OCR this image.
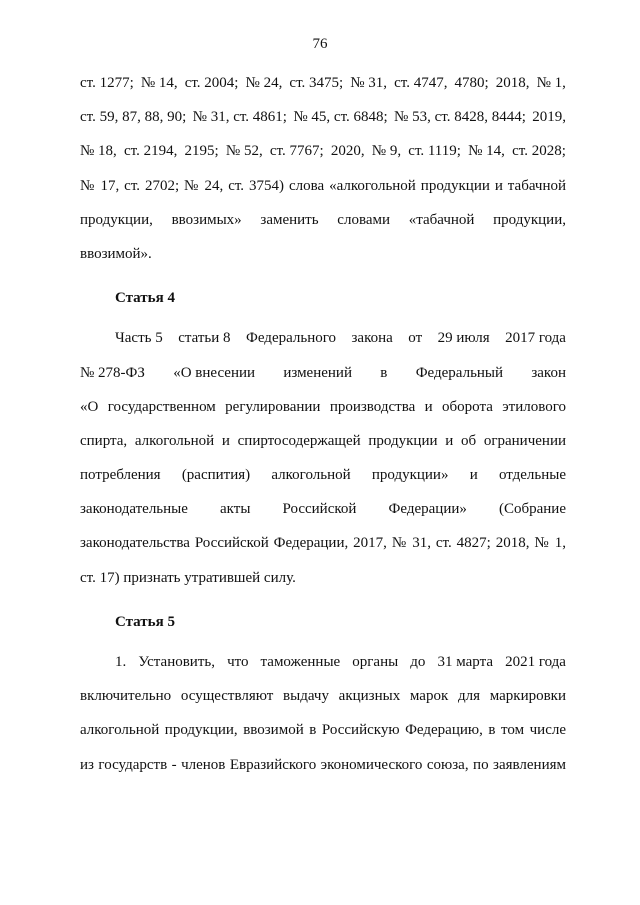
76
ст. 1277; № 14, ст. 2004; № 24, ст. 3475; № 31, ст. 4747, 4780; 2018, № 1,
ст. 59, 87, 88, 90; № 31, ст. 4861; № 45, ст. 6848; № 53, ст. 8428, 8444; 2019,
№ 18, ст. 2194, 2195; № 52, ст. 7767; 2020, № 9, ст. 1119; № 14, ст. 2028;
№ 17, ст. 2702; № 24, ст. 3754) слова «алкогольной продукции и табачной
продукции, ввозимых» заменить словами «табачной продукции,
ввозимой».
Статья 4
Часть 5 статьи 8 Федерального закона от 29 июля 2017 года
№ 278-ФЗ «О внесении изменений в Федеральный закон
«О государственном регулировании производства и оборота этилового
спирта, алкогольной и спиртосодержащей продукции и об ограничении
потребления (распития) алкогольной продукции» и отдельные
законодательные акты Российской Федерации» (Собрание
законодательства Российской Федерации, 2017, № 31, ст. 4827; 2018, № 1,
ст. 17) признать утратившей силу.
Статья 5
1. Установить, что таможенные органы до 31 марта 2021 года
включительно осуществляют выдачу акцизных марок для маркировки
алкогольной продукции, ввозимой в Российскую Федерацию, в том числе
из государств - членов Евразийского экономического союза, по заявлениям
